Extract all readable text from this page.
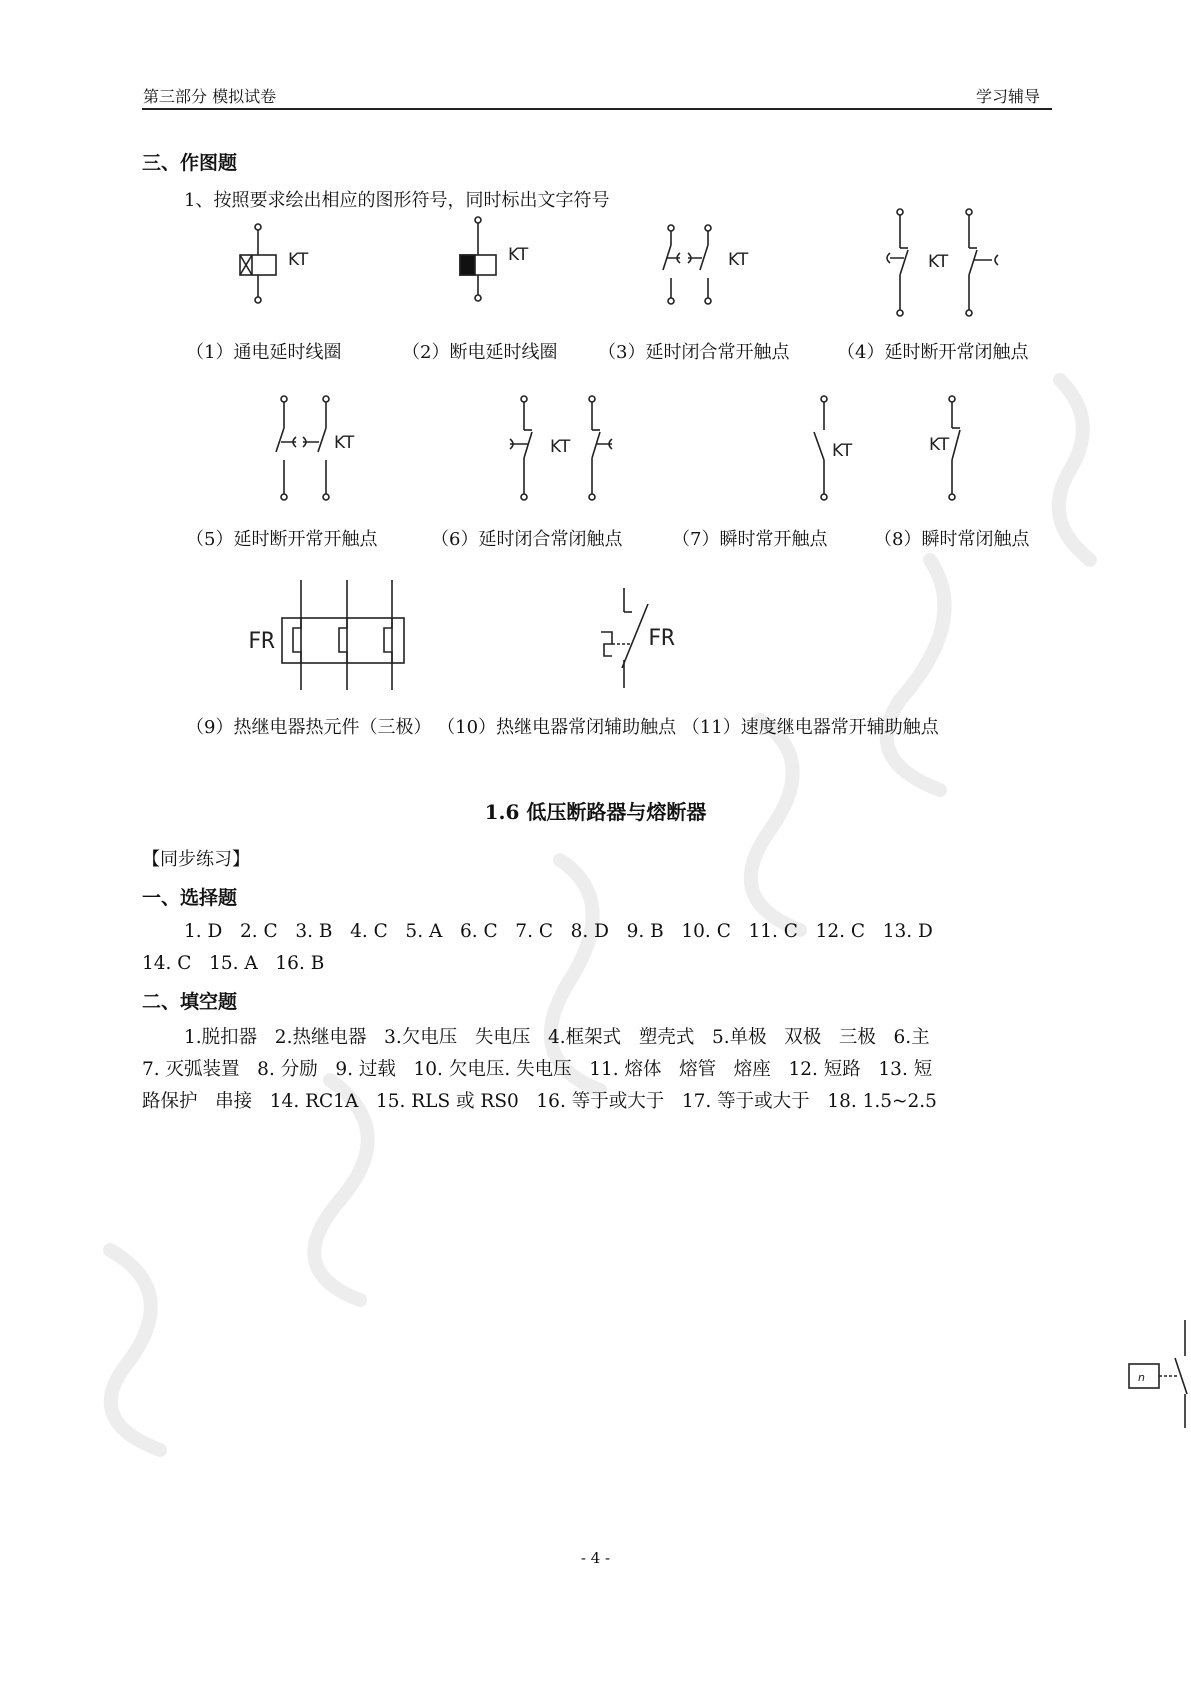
第三部分 模拟试卷	学习辅导
三、作图题
1、按照要求绘出相应的图形符号，同时标出文字符号
KT	KT	KT	KT
KT	KT	KT	KT
FR	FR
（1）通电延时线圈	（2）断电延时线圈 （3）延时闭合常开触点	（4）延时断开常闭触点
（5）延时断开常开触点	（6）延时闭合常闭触点	（7）瞬时常开触点	（8）瞬时常闭触点
（9）热继电器热元件（三极） （10）热继电器常闭辅助触点 （11）速度继电器常开辅助触点
1.6 低压断路器与熔断器
【同步练习】
一、选择题
1. D   2. C   3. B   4. C   5. A   6. C   7. C   8. D   9. B   10. C   11. C   12. C   13. D
14. C   15. A   16. B
二、填空题
1.脱扣器   2.热继电器   3.欠电压   失电压   4.框架式   塑壳式   5.单极   双极   三极   6.主
7. 灭弧装置   8. 分励   9. 过载   10. 欠电压. 失电压   11. 熔体   熔管   熔座   12. 短路   13. 短
路保护   串接   14. RC1A   15. RLS 或 RS0   16. 等于或大于   17. 等于或大于   18. 1.5~2.5
n
- 4 -
